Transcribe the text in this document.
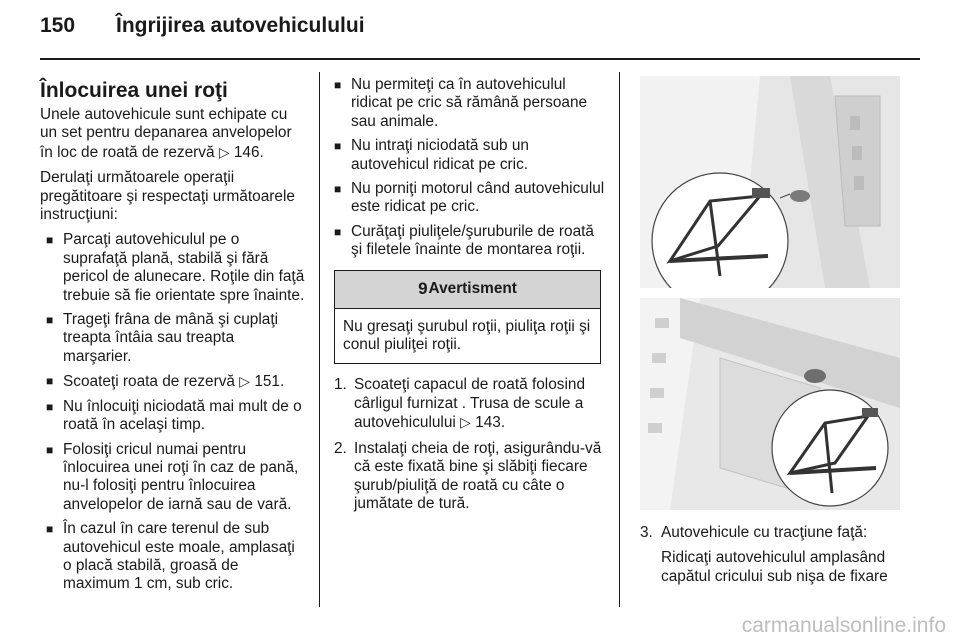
150 Îngrijirea autovehiculului
Înlocuirea unei roţi

Unele autovehicule sunt echipate cu un set pentru depanarea anvelopelor în loc de roată de rezervă ▷ 146.

Derulaţi următoarele operaţii pregătitoare şi respectaţi următoarele instrucţiuni:

■ Parcaţi autovehiculul pe o suprafaţă plană, stabilă şi fără pericol de alunecare. Roţile din faţă trebuie să fie orientate spre înainte.
■ Trageţi frâna de mână şi cuplaţi treapta întâia sau treapta marşarier.
■ Scoateţi roata de rezervă ▷ 151.
■ Nu înlocuiţi niciodată mai mult de o roată în acelaşi timp.
■ Folosiţi cricul numai pentru înlocuirea unei roţi în caz de pană, nu-l folosiţi pentru înlocuirea anvelopelor de iarnă sau de vară.
■ În cazul în care terenul de sub autovehicul este moale, amplasaţi o placă stabilă, groasă de maximum 1 cm, sub cric.
■ Nu permiteţi ca în autovehiculul ridicat pe cric să rămână persoane sau animale.
■ Nu intraţi niciodată sub un autovehicul ridicat pe cric.
■ Nu porniţi motorul când autovehiculul este ridicat pe cric.
■ Curăţaţi piuliţele/şuruburile de roată şi filetele înainte de montarea roţii.
9 Avertisment
Nu gresaţi şurubul roţii, piuliţa roţii şi conul piuliţei roţii.
1. Scoateţi capacul de roată folosind cârligul furnizat . Trusa de scule a autovehiculului ▷ 143.
2. Instalaţi cheia de roţi, asigurându-vă că este fixată bine şi slăbiţi fiecare şurub/piuliţă de roată cu câte o jumătate de tură.
3. Autovehicule cu tracţiune faţă:
Ridicaţi autovehiculul amplasând capătul cricului sub nişa de fixare
carmanualsonline.info
